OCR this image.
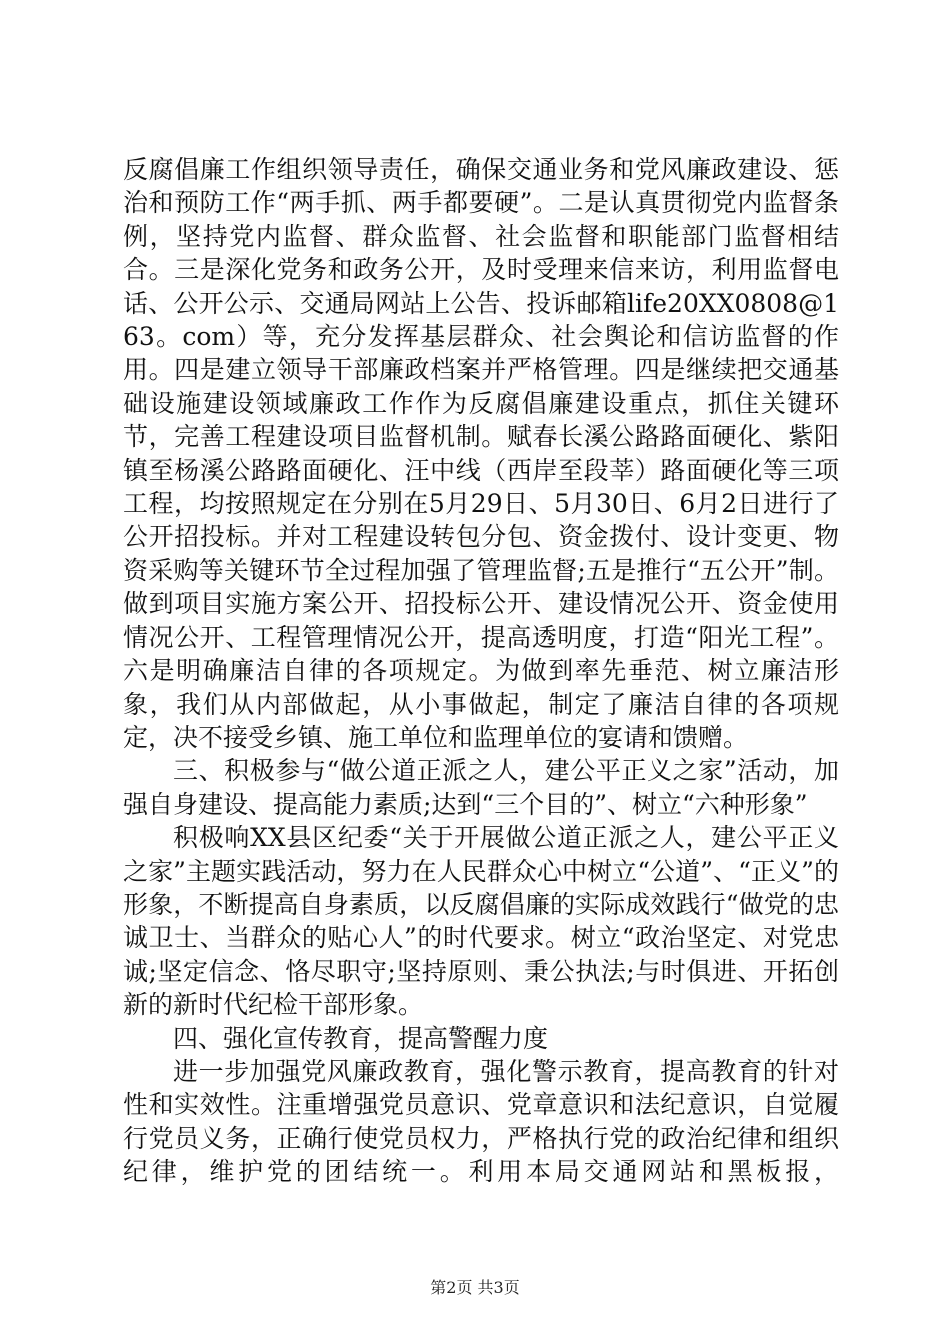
反腐倡廉工作组织领导责任，确保交通业务和党风廉政建设、惩治和预防工作“两手抓、两手都要硬”。二是认真贯彻党内监督条例，坚持党内监督、群众监督、社会监督和职能部门监督相结合。三是深化党务和政务公开，及时受理来信来访，利用监督电话、公开公示、交通局网站上公告、投诉邮箱life20XX0808@163。com）等，充分发挥基层群众、社会舆论和信访监督的作用。四是建立领导干部廉政档案并严格管理。四是继续把交通基础设施建设领域廉政工作作为反腐倡廉建设重点，抓住关键环节，完善工程建设项目监督机制。赋春长溪公路路面硬化、紫阳镇至杨溪公路路面硬化、汪中线（西岸至段莘）路面硬化等三项工程，均按照规定在分别在5月29日、5月30日、6月2日进行了公开招投标。并对工程建设转包分包、资金拨付、设计变更、物资采购等关键环节全过程加强了管理监督;五是推行“五公开”制。做到项目实施方案公开、招投标公开、建设情况公开、资金使用情况公开、工程管理情况公开，提高透明度，打造“阳光工程”。六是明确廉洁自律的各项规定。为做到率先垂范、树立廉洁形象，我们从内部做起，从小事做起，制定了廉洁自律的各项规定，决不接受乡镇、施工单位和监理单位的宴请和馈赠。

三、积极参与“做公道正派之人，建公平正义之家”活动，加强自身建设、提高能力素质;达到“三个目的”、树立“六种形象”

积极响XX县区纪委“关于开展做公道正派之人，建公平正义之家”主题实践活动，努力在人民群众心中树立“公道”、“正义”的形象，不断提高自身素质，以反腐倡廉的实际成效践行“做党的忠诚卫士、当群众的贴心人”的时代要求。树立“政治坚定、对党忠诚;坚定信念、恪尽职守;坚持原则、秉公执法;与时俱进、开拓创新的新时代纪检干部形象。

四、强化宣传教育，提高警醒力度

进一步加强党风廉政教育，强化警示教育，提高教育的针对性和实效性。注重增强党员意识、党章意识和法纪意识，自觉履行党员义务，正确行使党员权力，严格执行党的政治纪律和组织纪律，维护党的团结统一。利用本局交通网站和黑板报，

第2页 共3页
